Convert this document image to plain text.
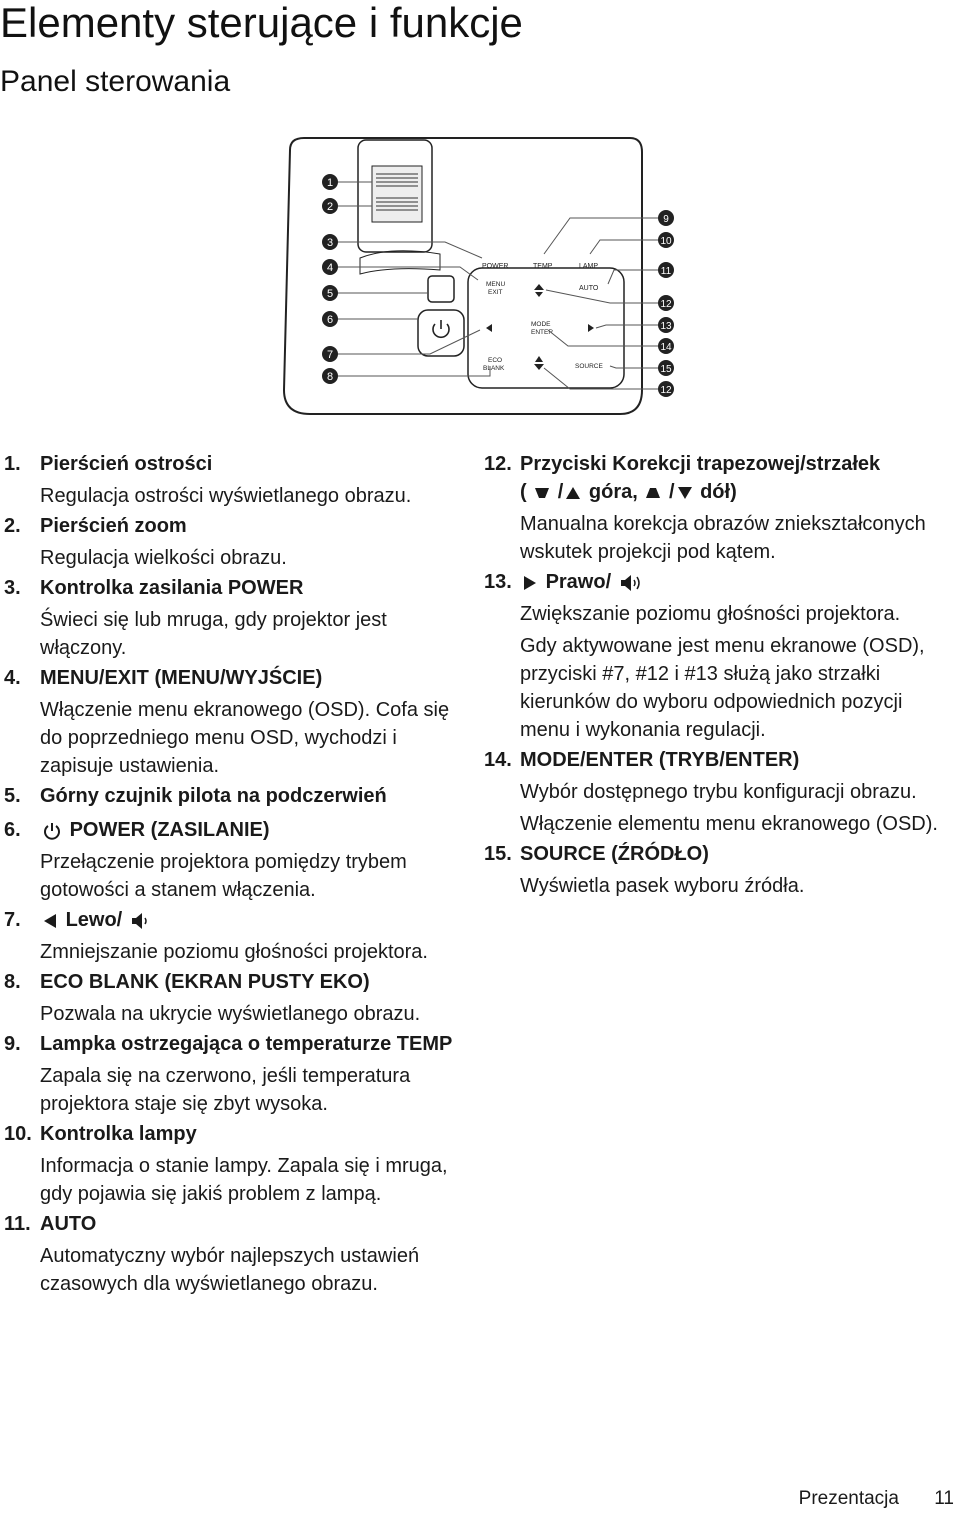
Elementy sterujące i funkcje
Panel sterowania
POWER	TEMP	LAMP
MENU
EXIT
AUTO
MODE
ENTER
ECO
BLANK	SOURCE
1
2
3
4
5
6
7
8
9
10
11
12
13
14
15
12
1. Pierścień ostrości

Regulacja ostrości wyświetlanego obrazu.

2. Pierścień zoom

Regulacja wielkości obrazu.

3. Kontrolka zasilania POWER

Świeci się lub mruga, gdy projektor jest włączony.

4. MENU/EXIT (MENU/WYJŚCIE)

Włączenie menu ekranowego (OSD). Cofa się do poprzedniego menu OSD, wychodzi i zapisuje ustawienia.

5. Górny czujnik pilota na podczerwień
6.	POWER (ZASILANIE)

Przełączenie projektora pomiędzy trybem gotowości a stanem włączenia.

7.	Lewo/

Zmniejszanie poziomu głośności projektora.

8. ECO BLANK (EKRAN PUSTY EKO)

Pozwala na ukrycie wyświetlanego obrazu.

9. Lampka ostrzegająca o temperaturze TEMP

Zapala się na czerwono, jeśli temperatura projektora staje się zbyt wysoka.

10. Kontrolka lampy

Informacja o stanie lampy. Zapala się i mruga, gdy pojawia się jakiś problem z lampą.

11. AUTO

Automatyczny wybór najlepszych ustawień czasowych dla wyświetlanego obrazu.

12. Przyciski Korekcji trapezowej/strzałek
( / góra, / dół)

Manualna korekcja obrazów zniekształconych wskutek projekcji pod kątem.

13.	Prawo/

Zwiększanie poziomu głośności projektora.

Gdy aktywowane jest menu ekranowe (OSD), przyciski #7, #12 i #13 służą jako strzałki kierunków do wyboru odpowiednich pozycji menu i wykonania regulacji.

14. MODE/ENTER (TRYB/ENTER)

Wybór dostępnego trybu konfiguracji obrazu.

Włączenie elementu menu ekranowego (OSD).

15. SOURCE (ŹRÓDŁO)

Wyświetla pasek wyboru źródła.

Prezentacja 11
